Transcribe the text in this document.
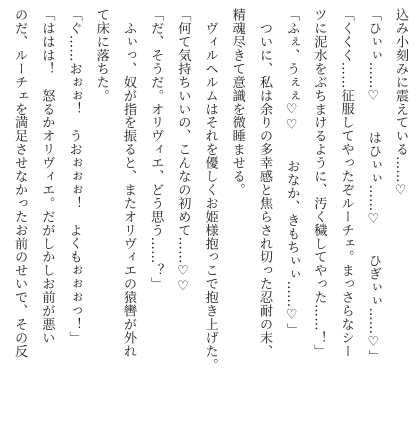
込み小刻みに震えている……♡
「ひぃぃ……♡　　はひぃぃ……♡　　ひぎぃぃ……♡」
「くくく……征服してやったぞルーチェ。まっさらなシー
ツに泥水をぶちまけるように、汚く穢してやった……！」
「ふぇ、うぇぇ♡♡　　おなか、きもちぃぃ……♡」
　ついに、私は余りの多幸感と焦らされ切った忍耐の末、
精魂尽きて意識を微睡ませる。
　ヴィルヘルムはそれを優しくお姫様抱っこで抱き上げた。
「何て気持ちいいの、こんなの初めて……♡♡
「だ、そうだ。オリヴィエ、どう思う……？」
　ふぃっ、奴が指を振ると、またオリヴィエの猿轡が外れ
て床に落ちた。
「ぐ……おぉぉ！　うおぉぉぉ！　よくもぉぉぉっ！」
「ははは！　怒るかオリヴィエ。だがしかしお前が悪い
のだ、ルーチェを満足させなかったお前のせいで、その反
